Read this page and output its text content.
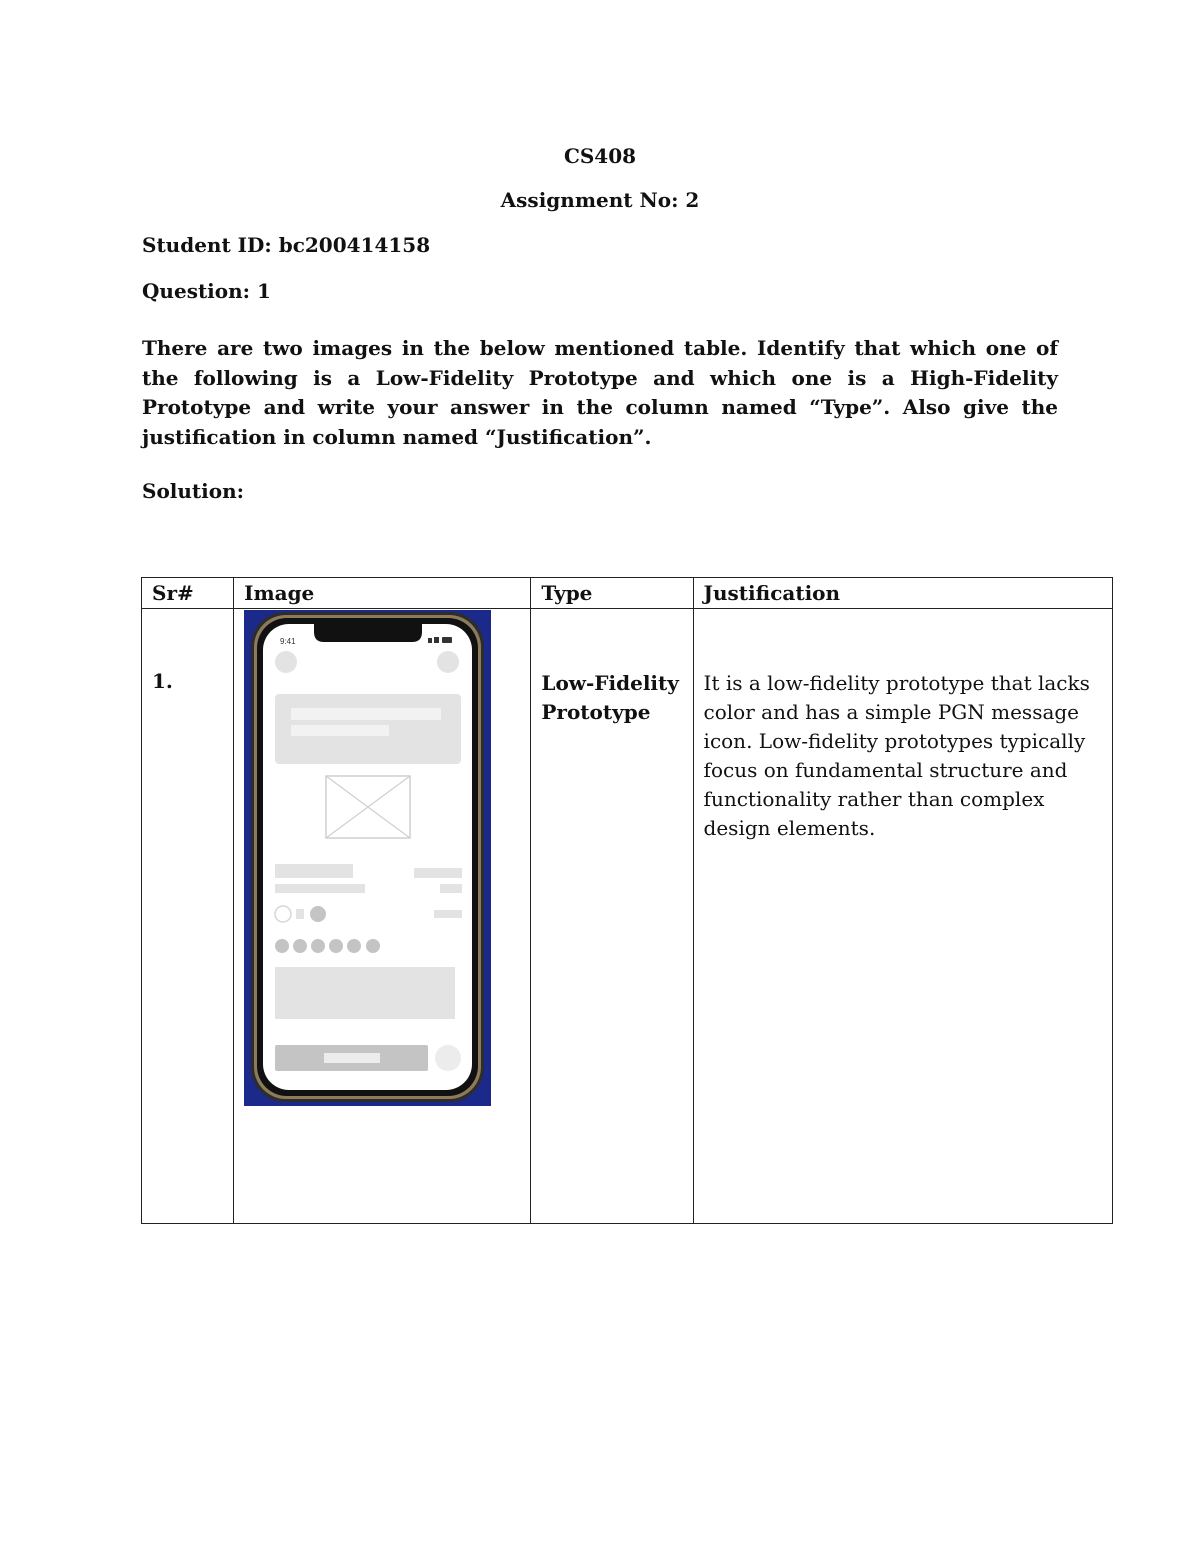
CS408
Assignment No: 2
Student ID: bc200414158
Question: 1

There are two images in the below mentioned table. Identify that which one of the following is a Low-Fidelity Prototype and which one is a High-Fidelity Prototype and write your answer in the column named “Type”. Also give the justification in column named “Justification”.

Solution:
Sr#	Image	Type	Justification
1.	9:41	Low-Fidelity Prototype	It is a low-fidelity prototype that lacks color and has a simple PGN message icon. Low-fidelity prototypes typically focus on fundamental structure and functionality rather than complex design elements.
